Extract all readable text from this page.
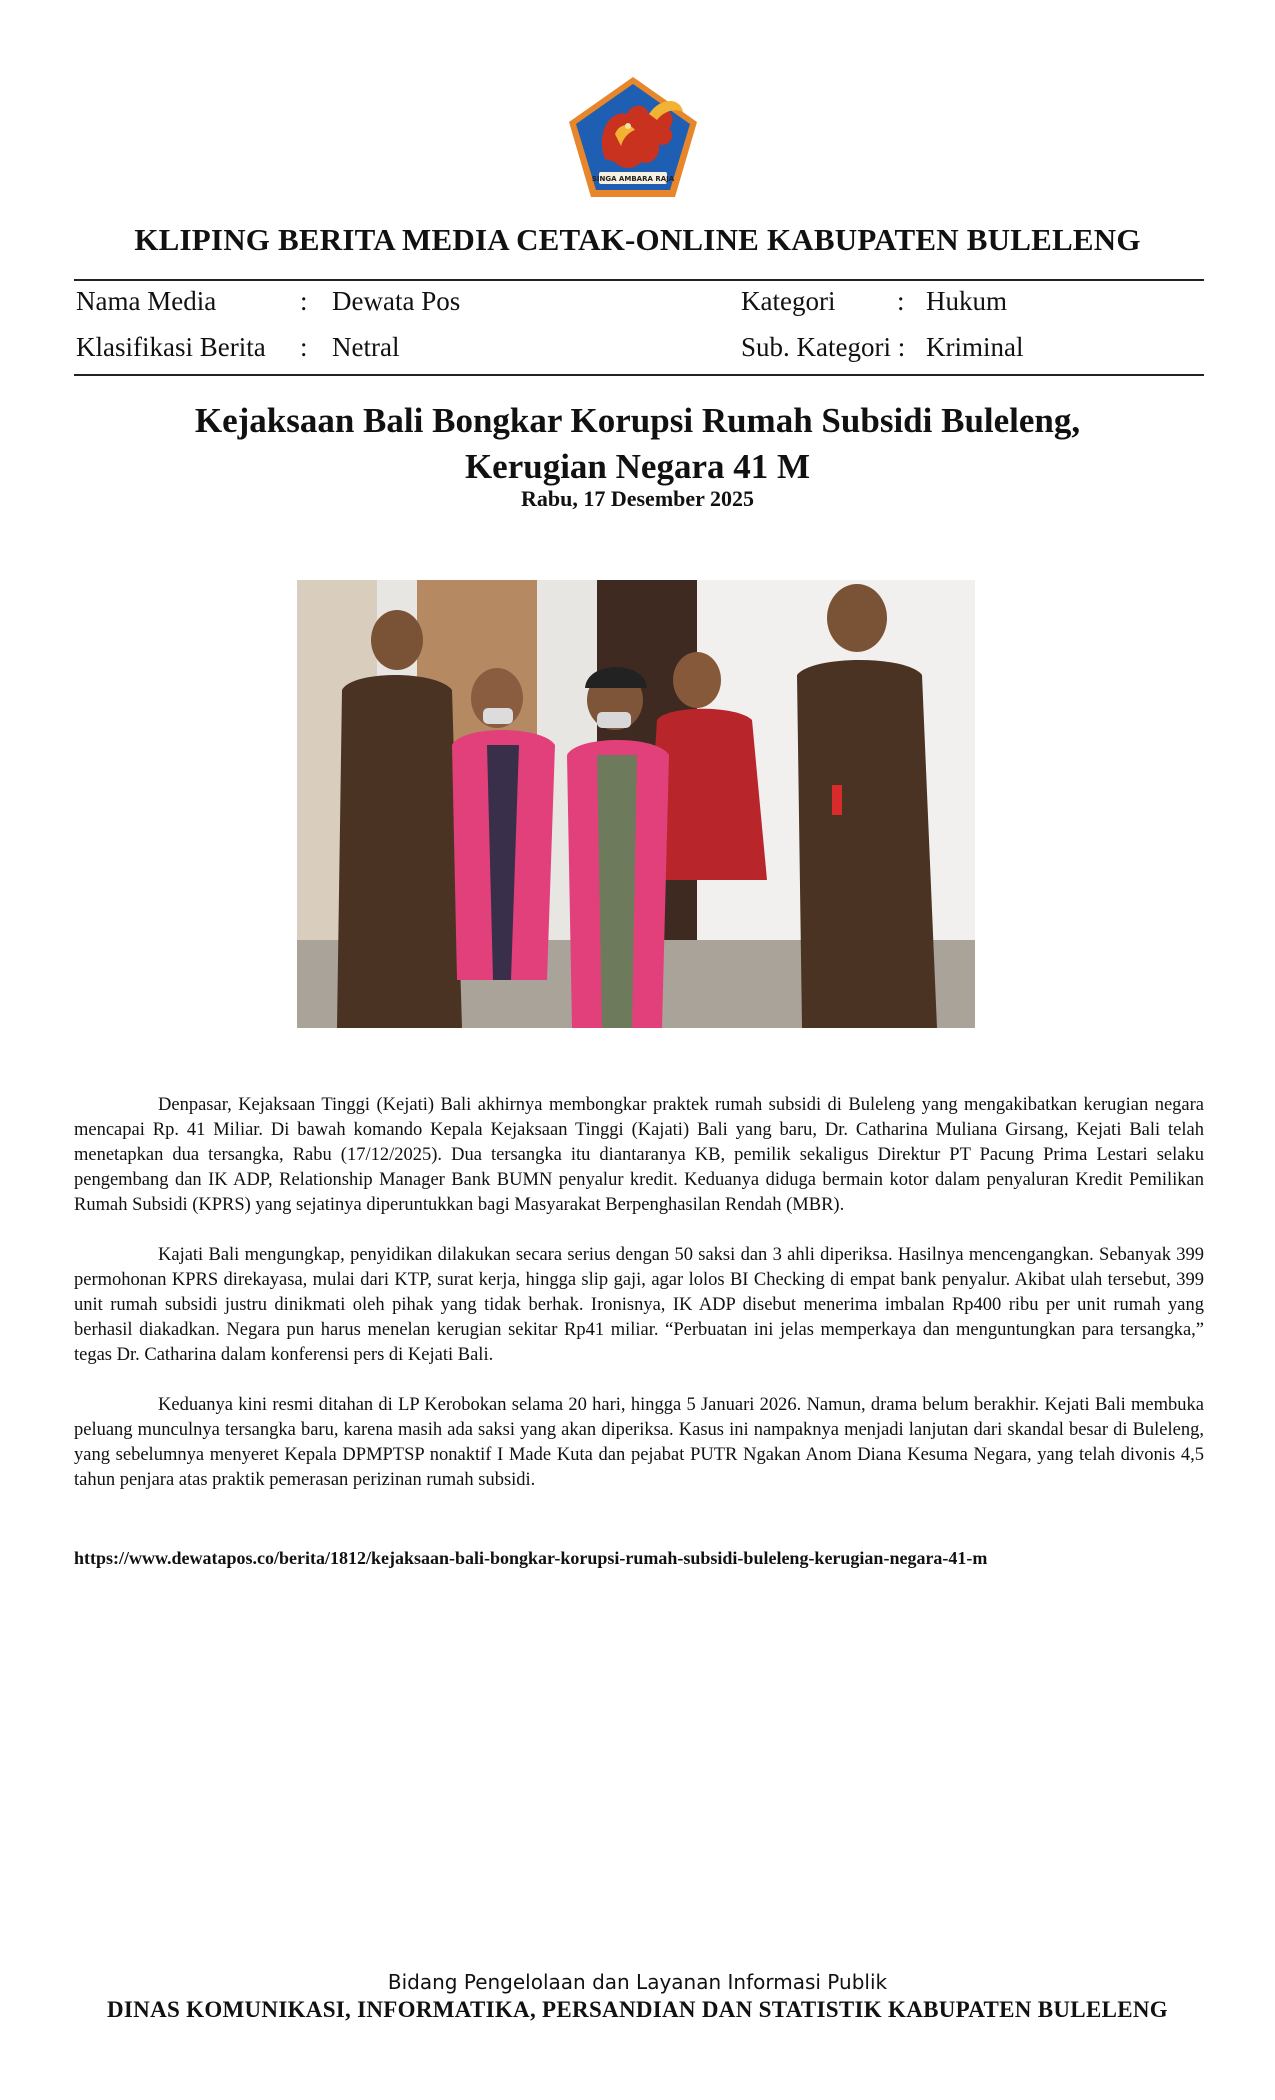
SINGA AMBARA RAJA
KLIPING BERITA MEDIA CETAK-ONLINE KABUPATEN BULELENG
Nama Media	: Dewata Pos	Kategori : Hukum
Klasifikasi Berita : Netral	Sub. Kategori : Kriminal
Kejaksaan Bali Bongkar Korupsi Rumah Subsidi Buleleng,
Kerugian Negara 41 M
Rabu, 17 Desember 2025

Denpasar, Kejaksaan Tinggi (Kejati) Bali akhirnya membongkar praktek rumah subsidi di Buleleng yang mengakibatkan kerugian negara mencapai Rp. 41 Miliar. Di bawah komando Kepala Kejaksaan Tinggi (Kajati) Bali yang baru, Dr. Catharina Muliana Girsang, Kejati Bali telah menetapkan dua tersangka, Rabu (17/12/2025). Dua tersangka itu diantaranya KB, pemilik sekaligus Direktur PT Pacung Prima Lestari selaku pengembang dan IK ADP, Relationship Manager Bank BUMN penyalur kredit. Keduanya diduga bermain kotor dalam penyaluran Kredit Pemilikan Rumah Subsidi (KPRS) yang sejatinya diperuntukkan bagi Masyarakat Berpenghasilan Rendah (MBR).

Kajati Bali mengungkap, penyidikan dilakukan secara serius dengan 50 saksi dan 3 ahli diperiksa. Hasilnya mencengangkan. Sebanyak 399 permohonan KPRS direkayasa, mulai dari KTP, surat kerja, hingga slip gaji, agar lolos BI Checking di empat bank penyalur. Akibat ulah tersebut, 399 unit rumah subsidi justru dinikmati oleh pihak yang tidak berhak. Ironisnya, IK ADP disebut menerima imbalan Rp400 ribu per unit rumah yang berhasil diakadkan. Negara pun harus menelan kerugian sekitar Rp41 miliar. “Perbuatan ini jelas memperkaya dan menguntungkan para tersangka,” tegas Dr. Catharina dalam konferensi pers di Kejati Bali.

Keduanya kini resmi ditahan di LP Kerobokan selama 20 hari, hingga 5 Januari 2026. Namun, drama belum berakhir. Kejati Bali membuka peluang munculnya tersangka baru, karena masih ada saksi yang akan diperiksa. Kasus ini nampaknya menjadi lanjutan dari skandal besar di Buleleng, yang sebelumnya menyeret Kepala DPMPTSP nonaktif I Made Kuta dan pejabat PUTR Ngakan Anom Diana Kesuma Negara, yang telah divonis 4,5 tahun penjara atas praktik pemerasan perizinan rumah subsidi.

https://www.dewatapos.co/berita/1812/kejaksaan-bali-bongkar-korupsi-rumah-subsidi-buleleng-kerugian-negara-41-m
Bidang Pengelolaan dan Layanan Informasi Publik
DINAS KOMUNIKASI, INFORMATIKA, PERSANDIAN DAN STATISTIK KABUPATEN BULELENG
